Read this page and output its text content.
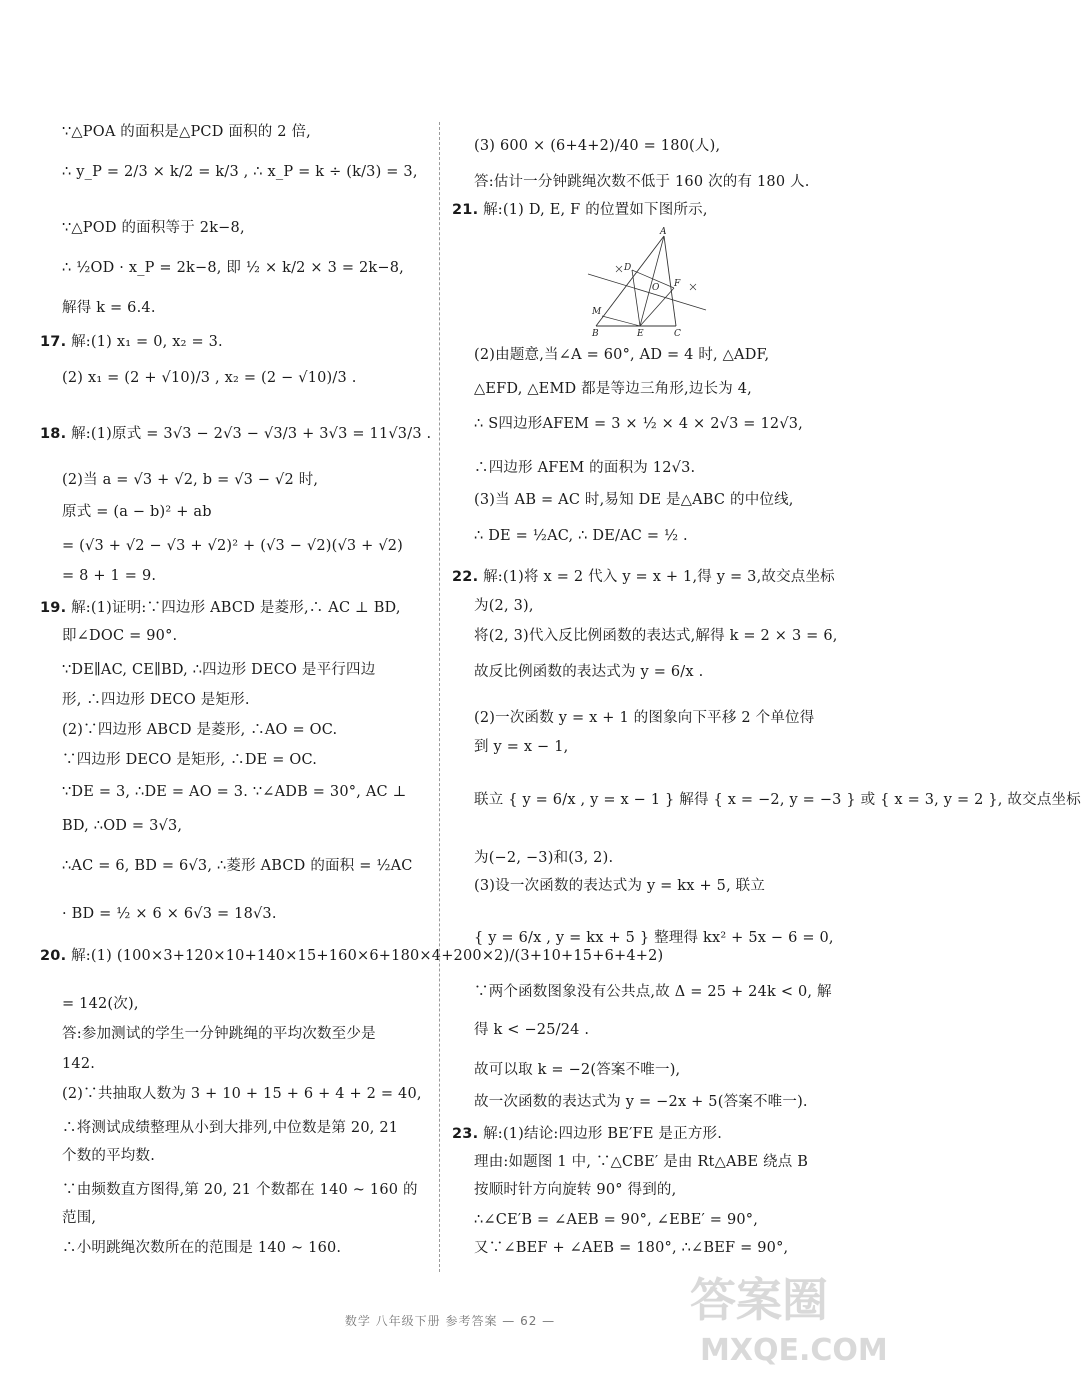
∵△POA 的面积是△PCD 面积的 2 倍,
∴ y_P = 2/3 × k/2 = k/3 , ∴ x_P = k ÷ (k/3) = 3,
∵△POD 的面积等于 2k−8,
∴ ½OD · x_P = 2k−8, 即 ½ × k/2 × 3 = 2k−8,
解得 k = 6.4.
17. 解:(1) x₁ = 0, x₂ = 3.
(2) x₁ = (2 + √10)/3 , x₂ = (2 − √10)/3 .
18. 解:(1)原式 = 3√3 − 2√3 − √3/3 + 3√3 = 11√3/3 .
(2)当 a = √3 + √2, b = √3 − √2 时,
原式 = (a − b)² + ab
= (√3 + √2 − √3 + √2)² + (√3 − √2)(√3 + √2)
= 8 + 1 = 9.
19. 解:(1)证明:∵四边形 ABCD 是菱形,∴ AC ⊥ BD,
即∠DOC = 90°.
∵DE∥AC, CE∥BD, ∴四边形 DECO 是平行四边
形, ∴四边形 DECO 是矩形.
(2)∵四边形 ABCD 是菱形, ∴AO = OC.
∵四边形 DECO 是矩形, ∴DE = OC.
∵DE = 3, ∴DE = AO = 3. ∵∠ADB = 30°, AC ⊥
BD, ∴OD = 3√3,
∴AC = 6, BD = 6√3, ∴菱形 ABCD 的面积 = ½AC
· BD = ½ × 6 × 6√3 = 18√3.
20. 解:(1) (100×3+120×10+140×15+160×6+180×4+200×2)/(3+10+15+6+4+2)
= 142(次),
答:参加测试的学生一分钟跳绳的平均次数至少是
142.
(2)∵共抽取人数为 3 + 10 + 15 + 6 + 4 + 2 = 40,
∴将测试成绩整理从小到大排列,中位数是第 20, 21
个数的平均数.
∵由频数直方图得,第 20, 21 个数都在 140 ~ 160 的
范围,
∴小明跳绳次数所在的范围是 140 ~ 160.
(3) 600 × (6+4+2)/40 = 180(人),
答:估计一分钟跳绳次数不低于 160 次的有 180 人.
21. 解:(1) D, E, F 的位置如下图所示,
(2)由题意,当∠A = 60°, AD = 4 时, △ADF,
△EFD, △EMD 都是等边三角形,边长为 4,
∴ S四边形AFEM = 3 × ½ × 4 × 2√3 = 12√3,
∴四边形 AFEM 的面积为 12√3.
(3)当 AB = AC 时,易知 DE 是△ABC 的中位线,
∴ DE = ½AC, ∴ DE/AC = ½ .
22. 解:(1)将 x = 2 代入 y = x + 1,得 y = 3,故交点坐标
为(2, 3),
将(2, 3)代入反比例函数的表达式,解得 k = 2 × 3 = 6,
故反比例函数的表达式为 y = 6/x .
(2)一次函数 y = x + 1 的图象向下平移 2 个单位得
到 y = x − 1,
联立 { y = 6/x , y = x − 1 } 解得 { x = −2, y = −3 } 或 { x = 3, y = 2 }, 故交点坐标
为(−2, −3)和(3, 2).
(3)设一次函数的表达式为 y = kx + 5, 联立
{ y = 6/x , y = kx + 5 } 整理得 kx² + 5x − 6 = 0,
∵两个函数图象没有公共点,故 Δ = 25 + 24k < 0, 解
得 k < −25/24 .
故可以取 k = −2(答案不唯一),
故一次函数的表达式为 y = −2x + 5(答案不唯一).
23. 解:(1)结论:四边形 BE′FE 是正方形.
理由:如题图 1 中, ∵△CBE′ 是由 Rt△ABE 绕点 B
按顺时针方向旋转 90° 得到的,
∴∠CE′B = ∠AEB = 90°, ∠EBE′ = 90°,
又∵∠BEF + ∠AEB = 180°, ∴∠BEF = 90°,
A
D
O F
M
B	E	C
数学 八年级下册 参考答案 — 62 —	答案圈
MXQE.COM
